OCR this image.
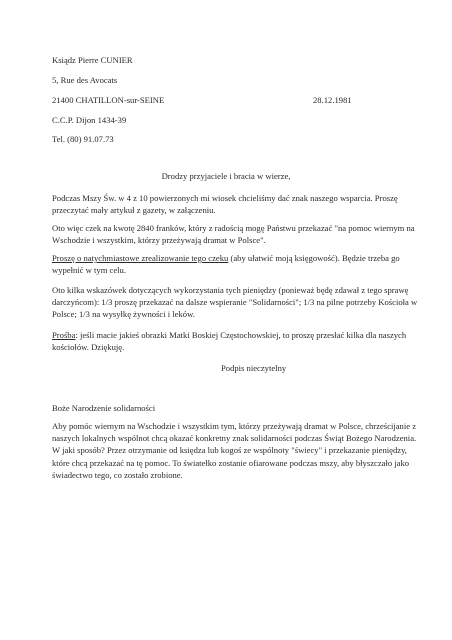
Ksiądz Pierre CUNIER
5, Rue des Avocats
21400 CHATILLON-sur-SEINE	28.12.1981
C.C.P. Dijon 1434-39
Tel. (80) 91.07.73
Drodzy przyjaciele i bracia w wierze,
Podczas Mszy Św. w 4 z 10 powierzonych mi wiosek chcieliśmy dać znak naszego wsparcia. Proszę przeczytać mały artykuł z gazety, w załączeniu.
Oto więc czek na kwotę 2840 franków, który z radością mogę Państwu przekazać "na pomoc wiernym na Wschodzie i wszystkim, którzy przeżywają dramat w Polsce".
Proszę o natychmiastowe zrealizowanie tego czeku (aby ułatwić moją księgowość). Będzie trzeba go wypełnić w tym celu.
Oto kilka wskazówek dotyczących wykorzystania tych pieniędzy (ponieważ będę zdawał z tego sprawę darczyńcom): 1/3 proszę przekazać na dalsze wspieranie "Solidarności"; 1/3 na pilne potrzeby Kościoła w Polsce; 1/3 na wysyłkę żywności i leków.
Prośba: jeśli macie jakieś obrazki Matki Boskiej Częstochowskiej, to proszę przesłać kilka dla naszych kościołów. Dziękuję.
Podpis nieczytelny
Boże Narodzenie solidarności
Aby pomóc wiernym na Wschodzie i wszystkim tym, którzy przeżywają dramat w Polsce, chrześcijanie z naszych lokalnych wspólnot chcą okazać konkretny znak solidarności podczas Świąt Bożego Narodzenia. W jaki sposób? Przez otrzymanie od księdza lub kogoś ze wspólnoty "świecy" i przekazanie pieniędzy, które chcą przekazać na tę pomoc. To światełko zostanie ofiarowane podczas mszy, aby błyszczało jako świadectwo tego, co zostało zrobione.
